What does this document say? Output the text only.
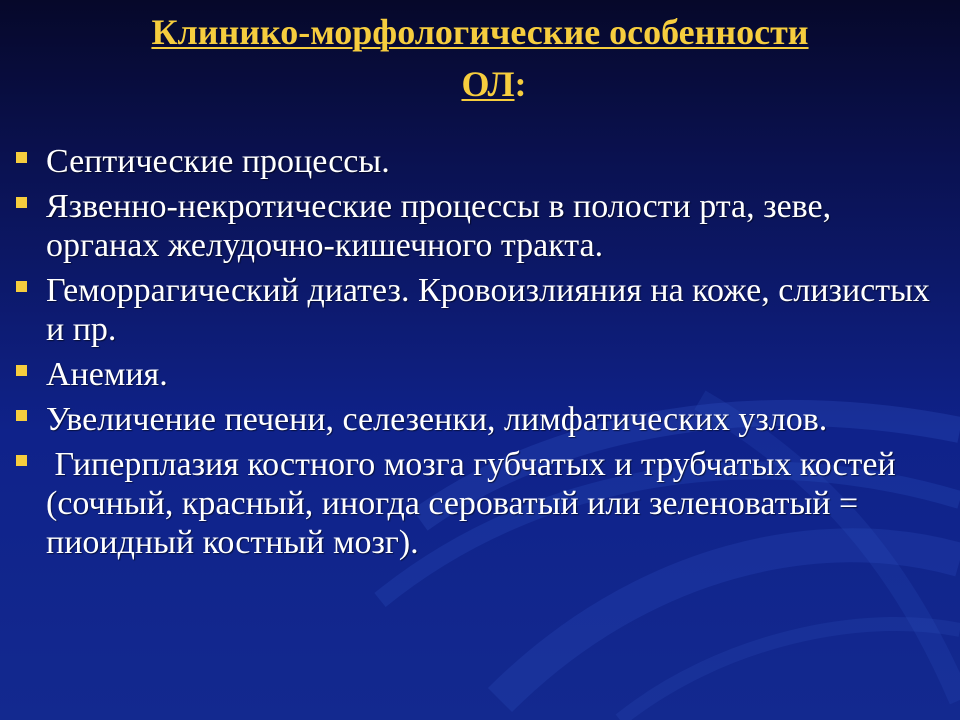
Клинико-морфологические особенности
ОЛ:
Септические процессы.
Язвенно-некротические процессы в полости рта, зеве, органах желудочно-кишечного тракта.
Геморрагический диатез. Кровоизлияния на коже, слизистых и пр.
Анемия.
Увеличение печени, селезенки, лимфатических узлов.
Гиперплазия костного мозга губчатых и трубчатых костей (сочный, красный, иногда сероватый или зеленоватый = пиоидный костный мозг).
